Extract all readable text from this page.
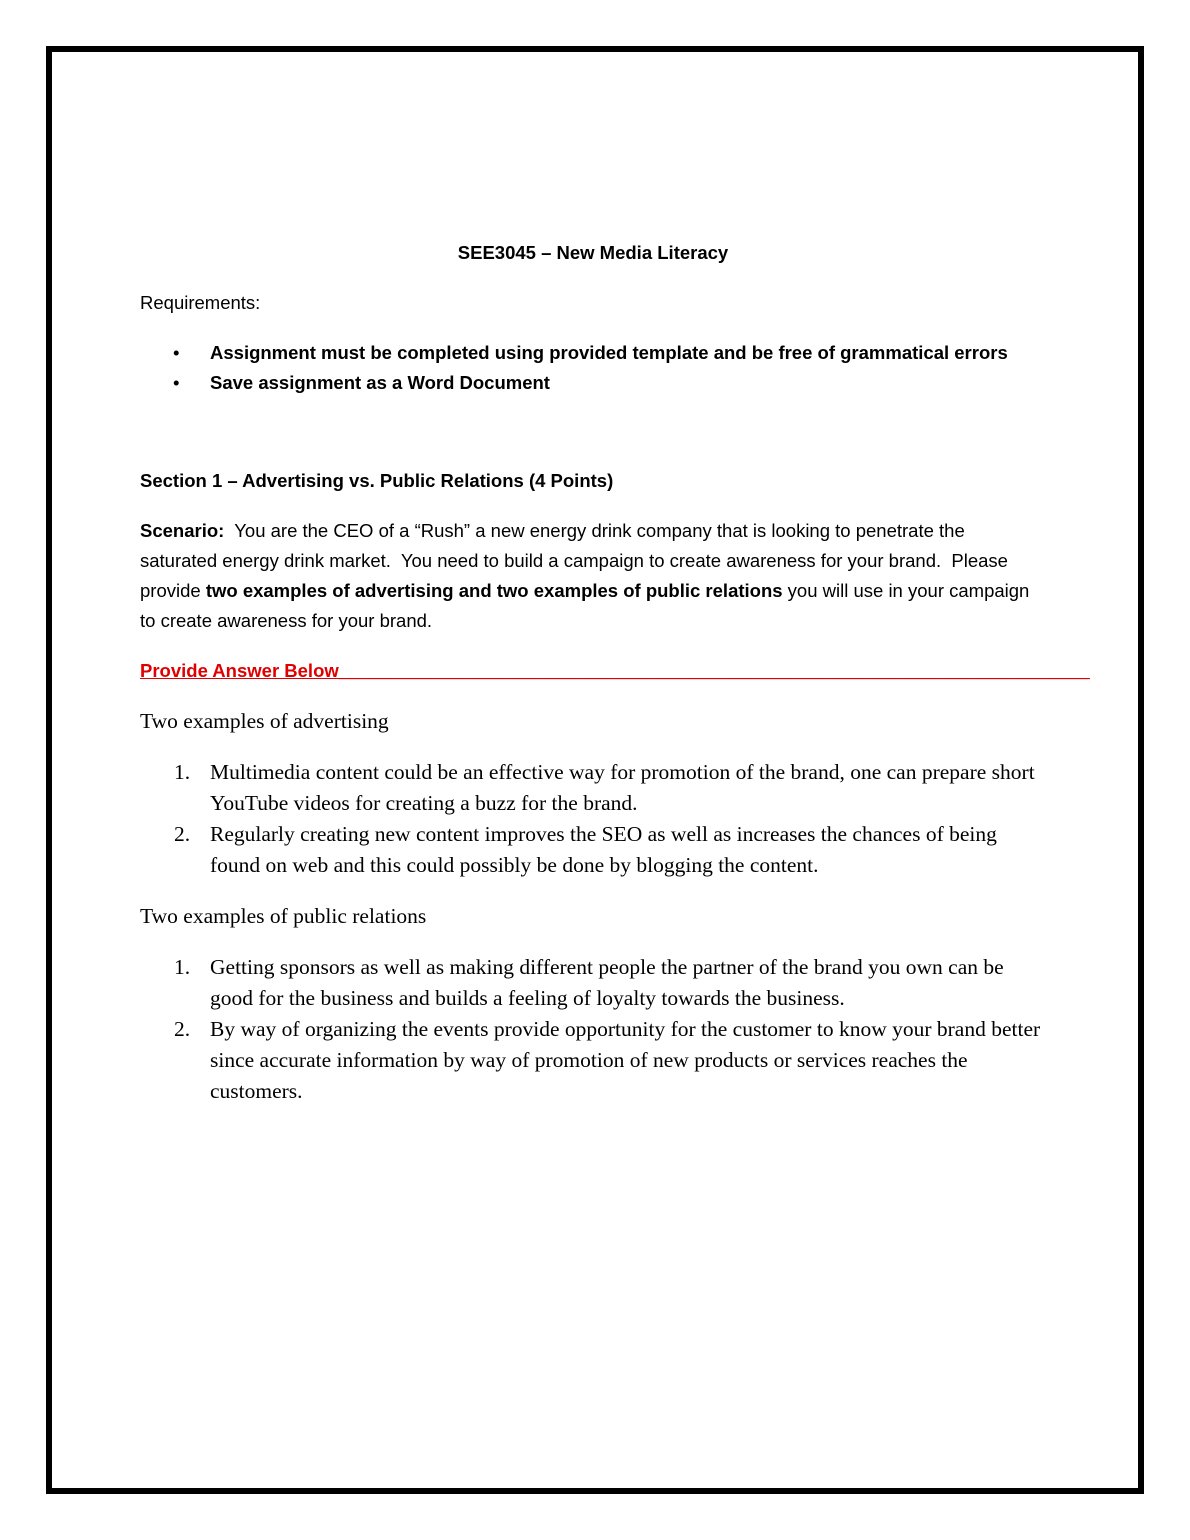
SEE3045 – New Media Literacy

Requirements:

• Assignment must be completed using provided template and be free of grammatical errors
• Save assignment as a Word Document

Section 1 – Advertising vs. Public Relations (4 Points)

Scenario:  You are the CEO of a “Rush” a new energy drink company that is looking to penetrate the saturated energy drink market.  You need to build a campaign to create awareness for your brand.  Please provide two examples of advertising and two examples of public relations you will use in your campaign to create awareness for your brand.

Provide Answer Below_________________________________________________________________________

Two examples of advertising

1. Multimedia content could be an effective way for promotion of the brand, one can prepare short YouTube videos for creating a buzz for the brand.
2. Regularly creating new content improves the SEO as well as increases the chances of being found on web and this could possibly be done by blogging the content.

Two examples of public relations

1. Getting sponsors as well as making different people the partner of the brand you own can be good for the business and builds a feeling of loyalty towards the business.
2. By way of organizing the events provide opportunity for the customer to know your brand better since accurate information by way of promotion of new products or services reaches the customers.
